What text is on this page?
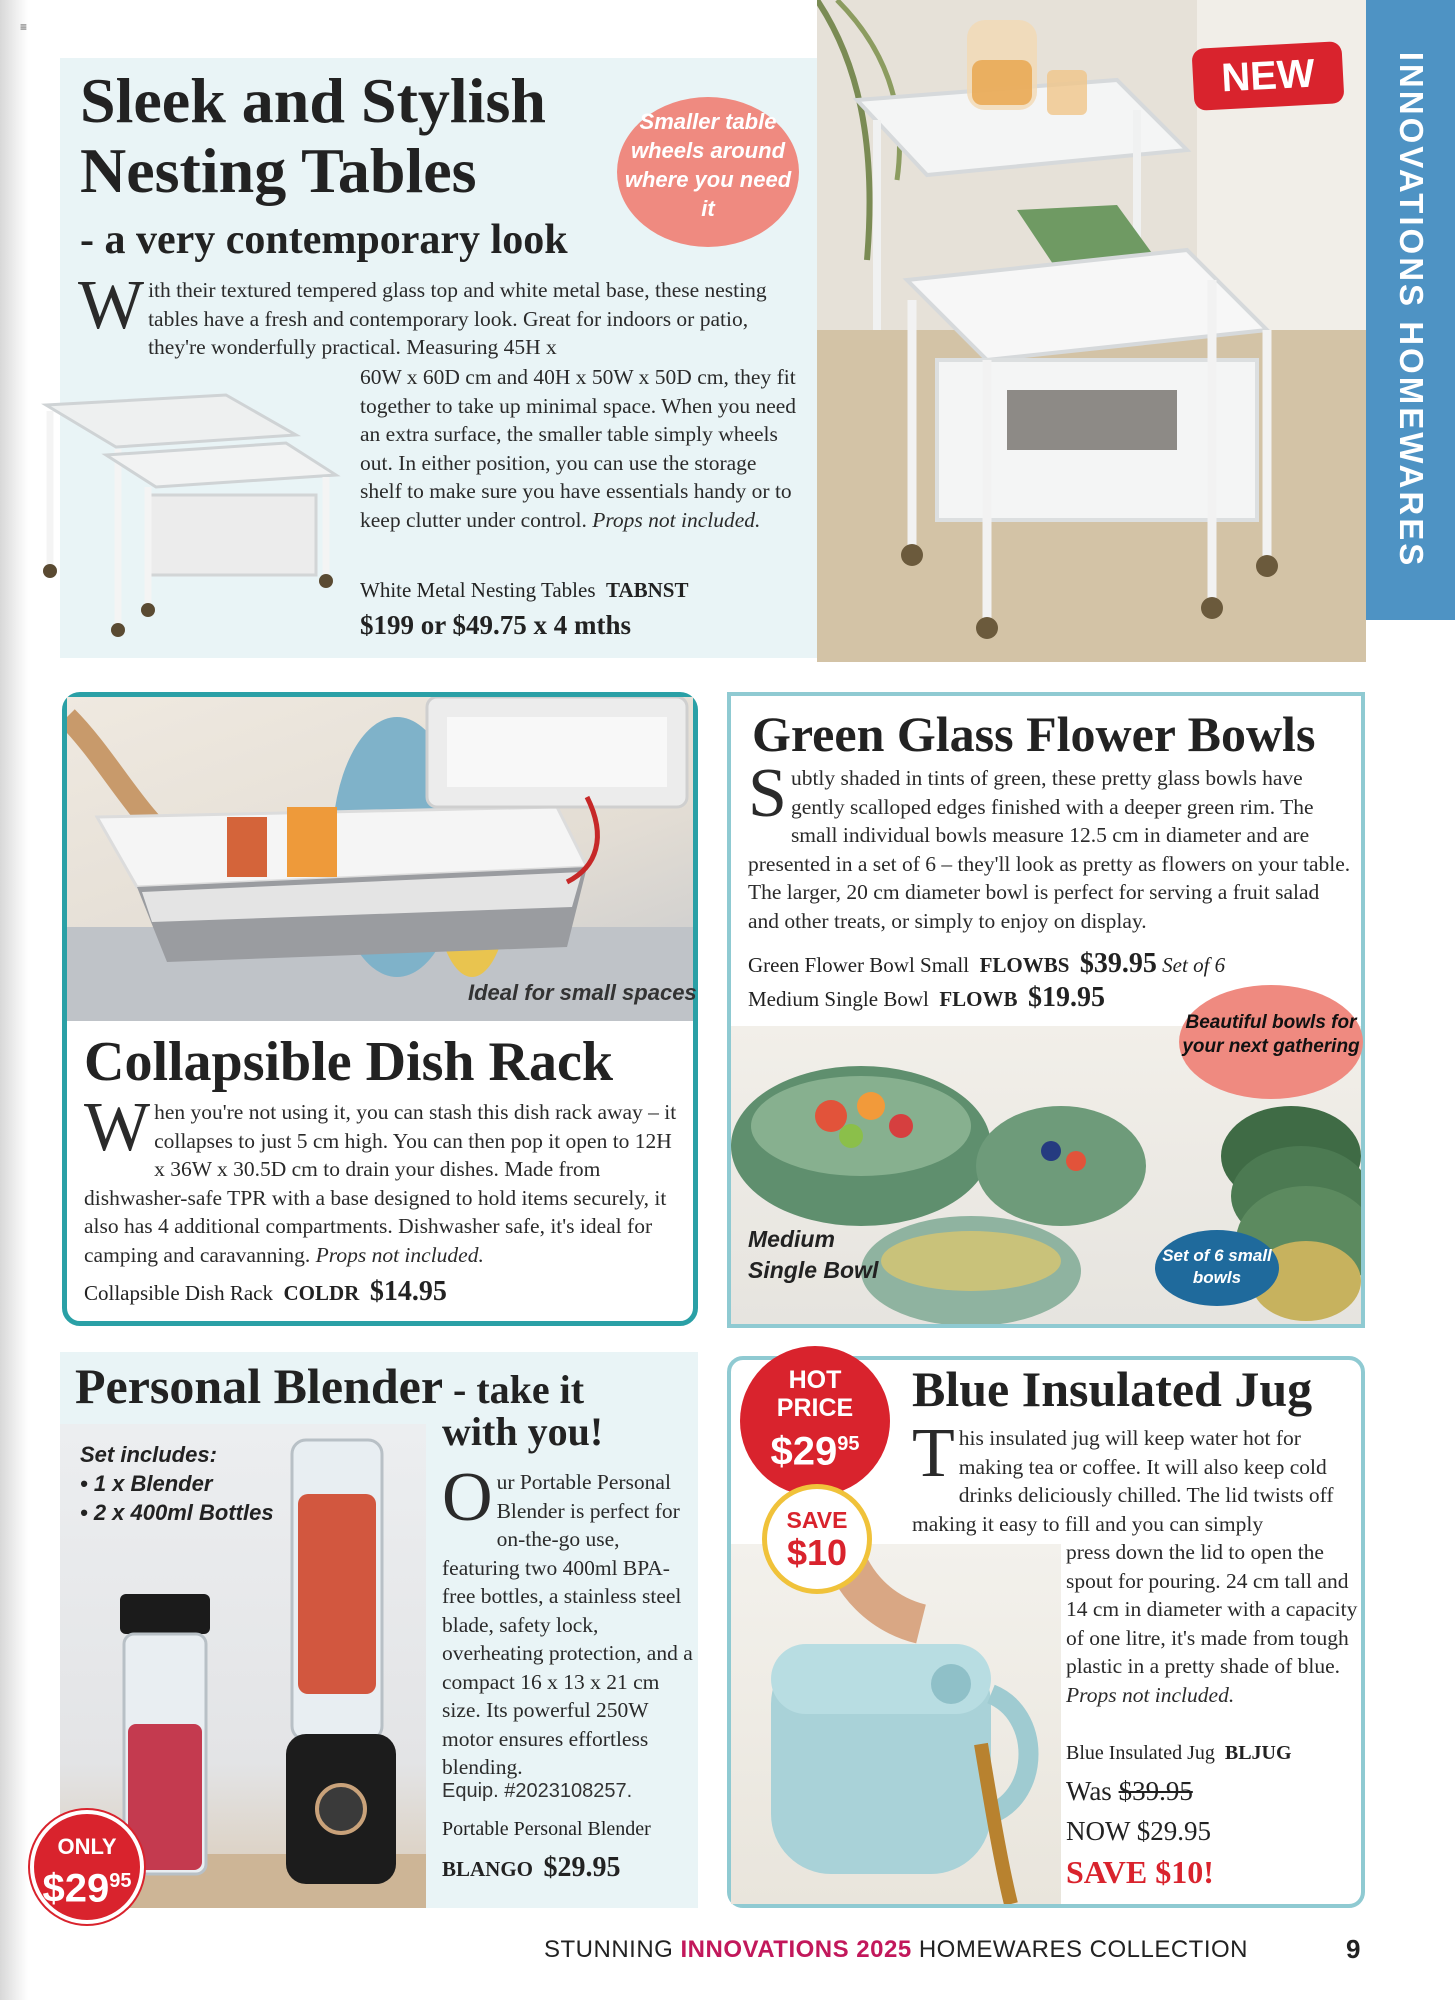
≡
INNOVATIONS HOMEWARES
NEW
Sleek and Stylish Nesting Tables
- a very contemporary look
Smaller table wheels around where you need it
With their textured tempered glass top and white metal base, these nesting tables have a fresh and contemporary look. Great for indoors or patio, they're wonderfully practical. Measuring 45H x
60W x 60D cm and 40H x 50W x 50D cm, they fit together to take up minimal space. When you need an extra surface, the smaller table simply wheels out. In either position, you can use the storage shelf to make sure you have essentials handy or to keep clutter under control. Props not included.
White Metal Nesting Tables TABNST
$199 or $49.75 x 4 mths
Ideal for small spaces
Collapsible Dish Rack
When you're not using it, you can stash this dish rack away – it collapses to just 5 cm high. You can then pop it open to 12H x 36W x 30.5D cm to drain your dishes. Made from dishwasher-safe TPR with a base designed to hold items securely, it also has 4 additional compartments. Dishwasher safe, it's ideal for camping and caravanning. Props not included.
Collapsible Dish Rack COLDR $14.95
Green Glass Flower Bowls
Subtly shaded in tints of green, these pretty glass bowls have gently scalloped edges finished with a deeper green rim. The small individual bowls measure 12.5 cm in diameter and are presented in a set of 6 – they'll look as pretty as flowers on your table. The larger, 20 cm diameter bowl is perfect for serving a fruit salad and other treats, or simply to enjoy on display.
Green Flower Bowl Small FLOWBS $39.95 Set of 6
Medium Single Bowl FLOWB $19.95
Beautiful bowls for your next gathering
Set of 6 small bowls
Medium
Single Bowl
Personal Blender - take it
Set includes:
• 1 x Blender
• 2 x 400ml Bottles
with you!
Our Portable Personal Blender is perfect for on-the-go use, featuring two 400ml BPA-free bottles, a stainless steel blade, safety lock, overheating protection, and a compact 16 x 13 x 21 cm size. Its powerful 250W motor ensures effortless blending.
Equip. #2023108257.
Portable Personal Blender
BLANGO $29.95
ONLY
$\$29^{95}$
HOT
PRICE
$\$29^{95}$
SAVE
$10
Blue Insulated Jug
This insulated jug will keep water hot for making tea or coffee. It will also keep cold drinks deliciously chilled. The lid twists off making it easy to fill and you can simply
press down the lid to open the spout for pouring. 24 cm tall and 14 cm in diameter with a capacity of one litre, it's made from tough plastic in a pretty shade of blue. Props not included.
Blue Insulated Jug BLJUG
Was $39.95
NOW $29.95
SAVE $10!
STUNNING INNOVATIONS 2025 HOMEWARES COLLECTION	9
